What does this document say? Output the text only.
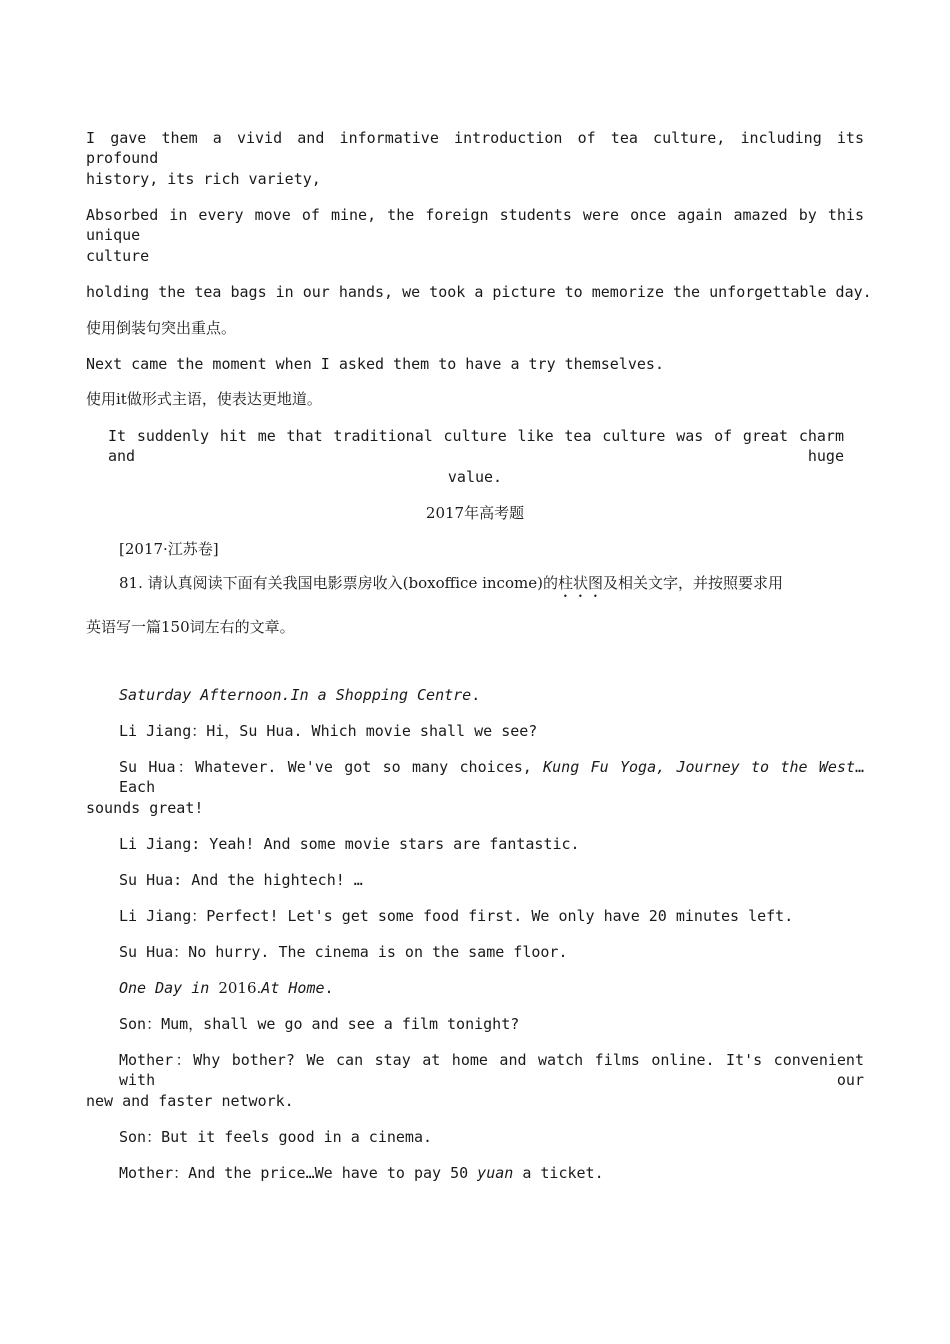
I gave them a vivid and informative introduction of tea culture, including its profound
history, its rich variety,
Absorbed in every move of mine, the foreign students were once again amazed by this unique
culture
holding the tea bags in our hands, we took a picture to memorize the unforgettable day.
使用倒装句突出重点。
Next came the moment when I asked them to have a try themselves.
使用it做形式主语，使表达更地道。
It suddenly hit me that traditional culture like tea culture was of great charm and huge
value.
2017年高考题
[2017·江苏卷]
81. 请认真阅读下面有关我国电影票房收入(boxoffice income)的柱状图及相关文字，并按照要求用
英语写一篇150词左右的文章。
Saturday Afternoon.In a Shopping Centre.
Li Jiang：Hi，Su Hua. Which movie shall we see?
Su Hua：Whatever. We've got so many choices, Kung Fu Yoga, Journey to the West…Each
sounds great!
Li Jiang: Yeah! And some movie stars are fantastic.
Su Hua: And the hightech! …
Li Jiang：Perfect! Let's get some food first. We only have 20 minutes left.
Su Hua：No hurry. The cinema is on the same floor.
One Day in 2016.At Home.
Son：Mum，shall we go and see a film tonight?
Mother：Why bother? We can stay at home and watch films online. It's convenient with our
new and faster network.
Son：But it feels good in a cinema.
Mother：And the price…We have to pay 50 yuan a ticket.
